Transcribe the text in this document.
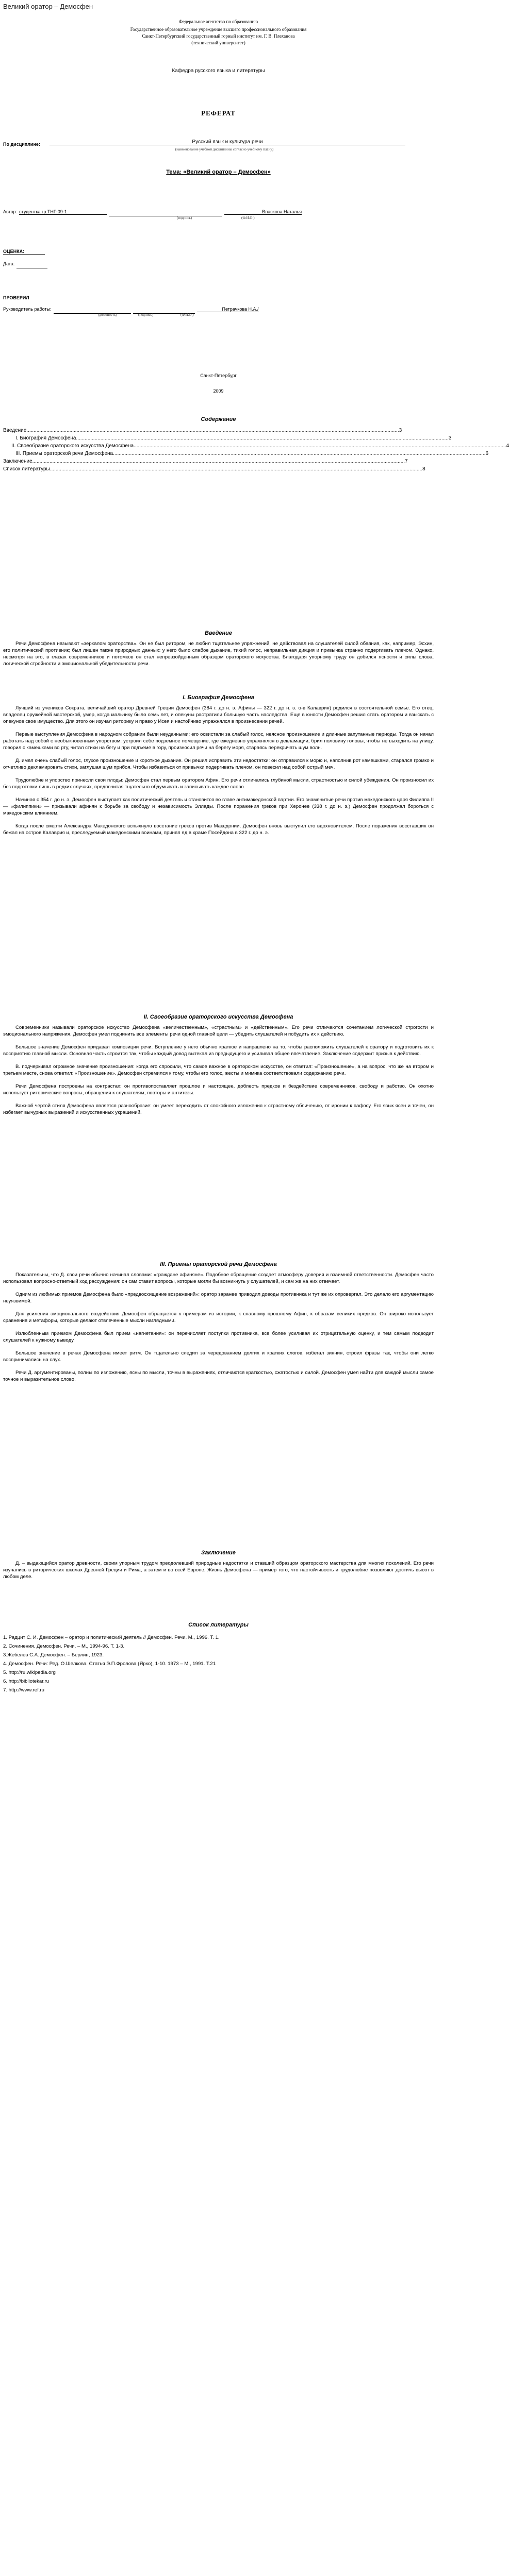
Великий оратор – Демосфен
Федеральное агентство по образованию
Государственное образовательное учреждение высшего профессионального образования
Санкт-Петербургский государственный горный институт им. Г. В. Плеханова
(технический университет)
Кафедра русского языка и литературы
РЕФЕРАТ
По дисциплине:	Русский язык и культура речи
(наименование учебной дисциплины согласно учебному плану)
Тема: «Великий оратор – Демосфен»
Автор: студентка гр.ТНГ-09-1	Власкова Наталья
(подпись)	(Ф.И.О.)
ОЦЕНКА:
Дата:
ПРОВЕРИЛ
Руководитель работы:	Петрачкова Н.А./
(должность)	(подпись)	(Ф.И.О.)
Санкт-Петербург
2009
Содержание
Введение .................................................................................................................................................................................................................................................................... 3
I. Биография Демосфена .................................................................................................................................................................................................................................................................... 3
II. Своеобразие ораторского искусства Демосфена .................................................................................................................................................................................................................................................................... 4
III. Приемы ораторской речи Демосфена .................................................................................................................................................................................................................................................................... 6
Заключение .................................................................................................................................................................................................................................................................... 7
Список литературы .................................................................................................................................................................................................................................................................... 8
Введение

Речи Демосфена называют «зеркалом ораторства». Он не был ритором, не любил тщательнее упражнений, не действовал на слушателей силой обаяния, как, например, Эсхин, его политический противник; был лишен также природных данных: у него было слабое дыхание, тихий голос, неправильная дикция и привычка странно подергивать плечом. Однако, несмотря на это, в глазах современников и потомков он стал непревзойденным образцом ораторского искусства. Благодаря упорному труду он добился ясности и силы слова, логической стройности и эмоциональной убедительности речи.

I. Биография Демосфена

Лучший из учеников Сократа, величайший оратор Древней Греции Демосфен (384 г. до н. э. Афины — 322 г. до н. э. о-в Калаврия) родился в состоятельной семье. Его отец, владелец оружейной мастерской, умер, когда мальчику было семь лет, и опекуны растратили большую часть наследства. Еще в юности Демосфен решил стать оратором и взыскать с опекунов свое имущество. Для этого он изучал риторику и право у Исея и настойчиво упражнялся в произнесении речей.

Первые выступления Демосфена в народном собрании были неудачными: его освистали за слабый голос, неясное произношение и длинные запутанные периоды. Тогда он начал работать над собой с необыкновенным упорством: устроил себе подземное помещение, где ежедневно упражнялся в декламации, брил половину головы, чтобы не выходить на улицу, говорил с камешками во рту, читал стихи на бегу и при подъеме в гору, произносил речи на берегу моря, стараясь перекричать шум волн.

Д. имел очень слабый голос, глухое произношение и короткое дыхание. Он решил исправить эти недостатки: он отправился к морю и, наполнив рот камешками, старался громко и отчетливо декламировать стихи, заглушая шум прибоя. Чтобы избавиться от привычки подергивать плечом, он повесил над собой острый меч.

Трудолюбие и упорство принесли свои плоды: Демосфен стал первым оратором Афин. Его речи отличались глубиной мысли, страстностью и силой убеждения. Он произносил их без подготовки лишь в редких случаях, предпочитая тщательно обдумывать и записывать каждое слово.

Начиная с 354 г. до н. э. Демосфен выступает как политический деятель и становится во главе антимакедонской партии. Его знаменитые речи против македонского царя Филиппа II — «филиппики» — призывали афинян к борьбе за свободу и независимость Эллады. После поражения греков при Херонее (338 г. до н. э.) Демосфен продолжал бороться с македонским влиянием.

Когда после смерти Александра Македонского вспыхнуло восстание греков против Македонии, Демосфен вновь выступил его вдохновителем. После поражения восставших он бежал на остров Калаврия и, преследуемый македонскими воинами, принял яд в храме Посейдона в 322 г. до н. э.

II. Своеобразие ораторского искусства Демосфена

Современники называли ораторское искусство Демосфена «величественным», «страстным» и «действенным». Его речи отличаются сочетанием логической строгости и эмоционального напряжения. Демосфен умел подчинить все элементы речи одной главной цели — убедить слушателей и побудить их к действию.

Большое значение Демосфен придавал композиции речи. Вступление у него обычно краткое и направлено на то, чтобы расположить слушателей к оратору и подготовить их к восприятию главной мысли. Основная часть строится так, чтобы каждый довод вытекал из предыдущего и усиливал общее впечатление. Заключение содержит призыв к действию.

В. подчеркивал огромное значение произношения: когда его спросили, что самое важное в ораторском искусстве, он ответил: «Произношение», а на вопрос, что же на втором и третьем месте, снова ответил: «Произношение». Демосфен стремился к тому, чтобы его голос, жесты и мимика соответствовали содержанию речи.

Речи Демосфена построены на контрастах: он противопоставляет прошлое и настоящее, доблесть предков и бездействие современников, свободу и рабство. Он охотно использует риторические вопросы, обращения к слушателям, повторы и антитезы.

Важной чертой стиля Демосфена является разнообразие: он умеет переходить от спокойного изложения к страстному обличению, от иронии к пафосу. Его язык ясен и точен, он избегает вычурных выражений и искусственных украшений.

III. Приемы ораторской речи Демосфена

Показательны, что Д. свои речи обычно начинал словами: «граждане афиняне». Подобное обращение создает атмосферу доверия и взаимной ответственности. Демосфен часто использовал вопросно-ответный ход рассуждения: он сам ставит вопросы, которые могли бы возникнуть у слушателей, и сам же на них отвечает.

Одним из любимых приемов Демосфена было «предвосхищение возражений»: оратор заранее приводил доводы противника и тут же их опровергал. Это делало его аргументацию неуязвимой.

Для усиления эмоционального воздействия Демосфен обращается к примерам из истории, к славному прошлому Афин, к образам великих предков. Он широко использует сравнения и метафоры, которые делают отвлеченные мысли наглядными.

Излюбленным приемом Демосфена был прием «нагнетания»: он перечисляет поступки противника, все более усиливая их отрицательную оценку, и тем самым подводит слушателей к нужному выводу.

Большое значение в речах Демосфена имеет ритм. Он тщательно следил за чередованием долгих и кратких слогов, избегал зияния, строил фразы так, чтобы они легко воспринимались на слух.

Речи Д. аргументированы, полны по изложению, ясны по мысли, точны в выражениях, отличаются краткостью, сжатостью и силой. Демосфен умел найти для каждой мысли самое точное и выразительное слово.

Заключение

Д. – выдающийся оратор древности, своим упорным трудом преодолевший природные недостатки и ставший образцом ораторского мастерства для многих поколений. Его речи изучались в риторических школах Древней Греции и Рима, а затем и во всей Европе. Жизнь Демосфена — пример того, что настойчивость и трудолюбие позволяют достичь высот в любом деле.

Список литературы
1. Радцит С. И. Демосфен – оратор и политический деятель // Демосфен. Речи. М., 1996. Т. 1.
2. Сочинения. Демосфен. Речи. – М., 1994-96. Т. 1-3.
3.Жебелев С.А. Демосфен. – Берлин, 1923.
4. Демосфен. Речи: Ред. О.Шелкова. Статья Э.П.Фролова (Ярко), 1-10. 1973 – М., 1991. Т.21
5. http://ru.wikipedia.org
6. http://bibliotekar.ru
7. http://www.ref.ru
